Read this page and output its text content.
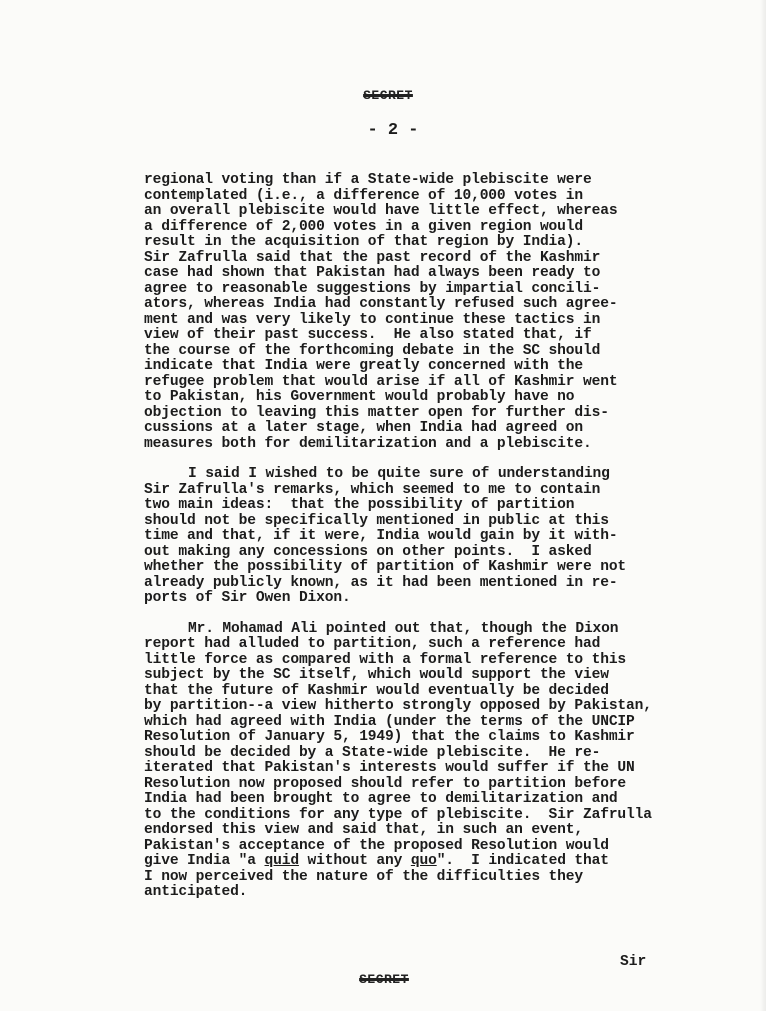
SECRET
- 2 -

regional voting than if a State-wide plebiscite were
contemplated (i.e., a difference of 10,000 votes in
an overall plebiscite would have little effect, whereas
a difference of 2,000 votes in a given region would
result in the acquisition of that region by India).
Sir Zafrulla said that the past record of the Kashmir
case had shown that Pakistan had always been ready to
agree to reasonable suggestions by impartial concili-
ators, whereas India had constantly refused such agree-
ment and was very likely to continue these tactics in
view of their past success.  He also stated that, if
the course of the forthcoming debate in the SC should
indicate that India were greatly concerned with the
refugee problem that would arise if all of Kashmir went
to Pakistan, his Government would probably have no
objection to leaving this matter open for further dis-
cussions at a later stage, when India had agreed on
measures both for demilitarization and a plebiscite.

I said I wished to be quite sure of understanding
Sir Zafrulla's remarks, which seemed to me to contain
two main ideas:  that the possibility of partition
should not be specifically mentioned in public at this
time and that, if it were, India would gain by it with-
out making any concessions on other points.  I asked
whether the possibility of partition of Kashmir were not
already publicly known, as it had been mentioned in re-
ports of Sir Owen Dixon.

Mr. Mohamad Ali pointed out that, though the Dixon
report had alluded to partition, such a reference had
little force as compared with a formal reference to this
subject by the SC itself, which would support the view
that the future of Kashmir would eventually be decided
by partition--a view hitherto strongly opposed by Pakistan,
which had agreed with India (under the terms of the UNCIP
Resolution of January 5, 1949) that the claims to Kashmir
should be decided by a State-wide plebiscite.  He re-
iterated that Pakistan's interests would suffer if the UN
Resolution now proposed should refer to partition before
India had been brought to agree to demilitarization and
to the conditions for any type of plebiscite.  Sir Zafrulla
endorsed this view and said that, in such an event,
Pakistan's acceptance of the proposed Resolution would
give India "a quid without any quo".  I indicated that
I now perceived the nature of the difficulties they
anticipated.

Sir
SECRET
